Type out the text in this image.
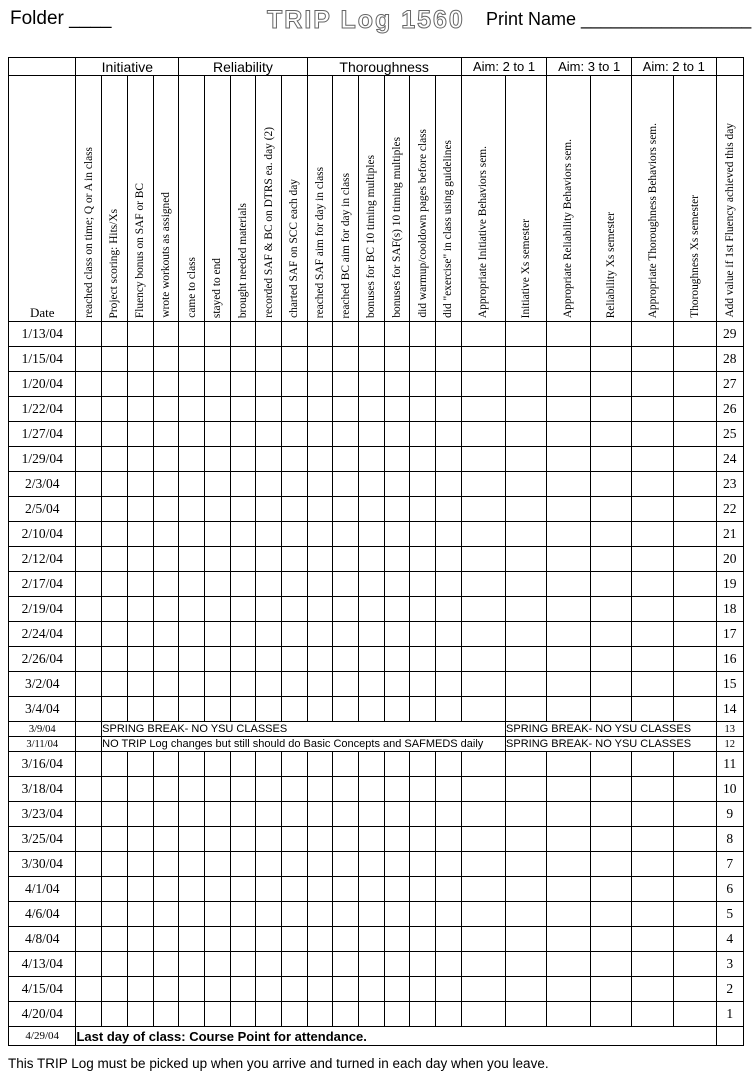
Folder ____	TRIP Log 1560 Print Name _________________
	Initiative				Reliability					Thoroughness						Aim: 2 to 1		Aim: 3 to 1		Aim: 2 to 1		
Date	reached class on time; Q or A in class	Project scoring: Hits/Xs	Fluency bonus on SAF or BC	wrote workouts as assigned	came to class	stayed to end	brought needed materials	recorded SAF & BC on DTRS ea. day (2)	charted SAF on SCC each day	reached SAF aim for day in class	reached BC aim for day in class	bonuses for BC 10 timing multiples	bonuses for SAF(s) 10 timing multiples	did warmup/cooldown pages before class	did "exercise" in class using guidelines	Appropriate Initiative Behaviors sem.	Initiative Xs semester	Appropriate Reliability Behaviors sem.	Reliability Xs semester	Appropriate Thoroughness Behaviors sem.	Thoroughness Xs semester	Add value if 1st Fluency achieved this day

1/13/04																						29
1/15/04																						28
1/20/04																						27
1/22/04																						26
1/27/04																						25
1/29/04																						24
2/3/04																						23
2/5/04																						22
2/10/04																						21
2/12/04																						20
2/17/04																						19
2/19/04																						18
2/24/04																						17
2/26/04																						16
3/2/04																						15
3/4/04																						14
3/9/04		SPRING BREAK- NO YSU CLASSES															SPRING BREAK- NO YSU CLASSES					13
3/11/04		NO TRIP Log changes but still should do Basic Concepts and SAFMEDS daily															SPRING BREAK- NO YSU CLASSES					12
3/16/04																						11
3/18/04																						10
3/23/04																						9
3/25/04																						8
3/30/04																						7
4/1/04																						6
4/6/04																						5
4/8/04																						4
4/13/04																						3
4/15/04																						2
4/20/04																						1
4/29/04	Last day of class: Course Point for attendance.																					
This TRIP Log must be picked up when you arrive and turned in each day when you leave.
